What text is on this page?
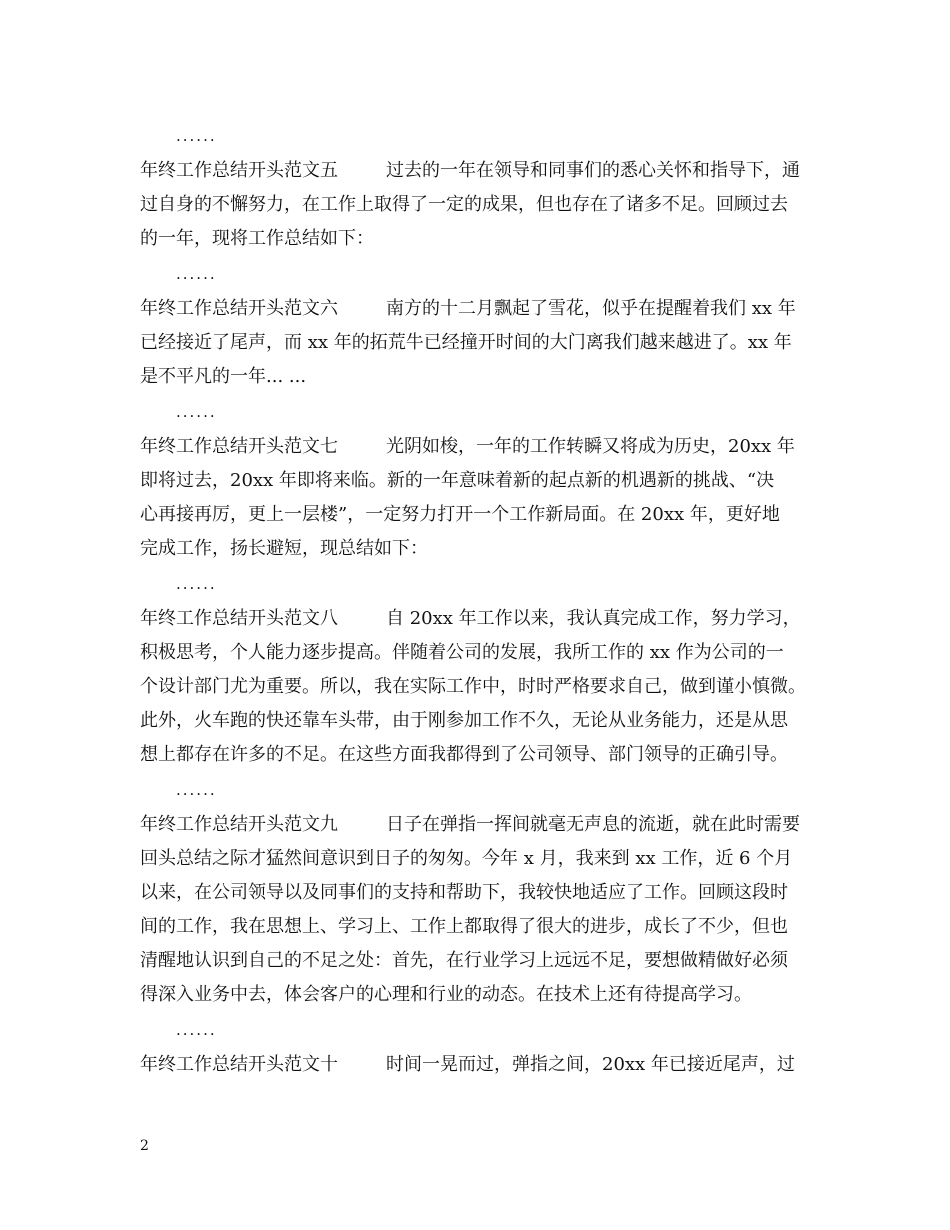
......
年终工作总结开头范文五	过去的一年在领导和同事们的悉心关怀和指导下，通
过自身的不懈努力，在工作上取得了一定的成果，但也存在了诸多不足。回顾过去
的一年，现将工作总结如下：
......
年终工作总结开头范文六	南方的十二月飘起了雪花，似乎在提醒着我们 xx 年
已经接近了尾声，而 xx 年的拓荒牛已经撞开时间的大门离我们越来越进了。xx 年
是不平凡的一年... ...
......
年终工作总结开头范文七	光阴如梭，一年的工作转瞬又将成为历史，20xx 年
即将过去，20xx 年即将来临。新的一年意味着新的起点新的机遇新的挑战、“决
心再接再厉，更上一层楼”，一定努力打开一个工作新局面。在 20xx 年，更好地
完成工作，扬长避短，现总结如下：
......
年终工作总结开头范文八	自 20xx 年工作以来，我认真完成工作，努力学习，
积极思考，个人能力逐步提高。伴随着公司的发展，我所工作的 xx 作为公司的一
个设计部门尤为重要。所以，我在实际工作中，时时严格要求自己，做到谨小慎微。
此外，火车跑的快还靠车头带，由于刚参加工作不久，无论从业务能力，还是从思
想上都存在许多的不足。在这些方面我都得到了公司领导、部门领导的正确引导。
......
年终工作总结开头范文九	日子在弹指一挥间就毫无声息的流逝，就在此时需要
回头总结之际才猛然间意识到日子的匆匆。今年 x 月，我来到 xx 工作，近 6 个月
以来，在公司领导以及同事们的支持和帮助下，我较快地适应了工作。回顾这段时
间的工作，我在思想上、学习上、工作上都取得了很大的进步，成长了不少，但也
清醒地认识到自己的不足之处：首先，在行业学习上远远不足，要想做精做好必须
得深入业务中去，体会客户的心理和行业的动态。在技术上还有待提高学习。
......
年终工作总结开头范文十	时间一晃而过，弹指之间，20xx 年已接近尾声，过
2
